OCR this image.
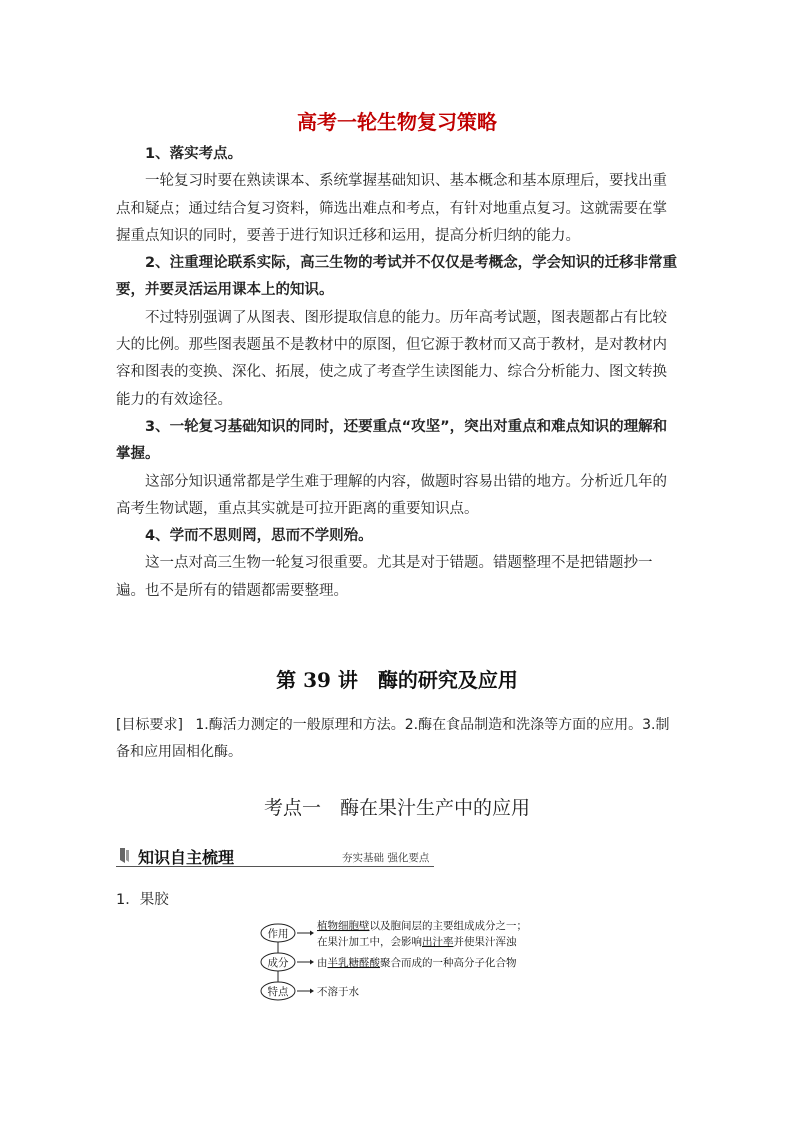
高考一轮生物复习策略

1、落实考点。

一轮复习时要在熟读课本、系统掌握基础知识、基本概念和基本原理后，要找出重点和疑点；通过结合复习资料，筛选出难点和考点，有针对地重点复习。这就需要在掌握重点知识的同时，要善于进行知识迁移和运用，提高分析归纳的能力。

2、注重理论联系实际，高三生物的考试并不仅仅是考概念，学会知识的迁移非常重要，并要灵活运用课本上的知识。

不过特别强调了从图表、图形提取信息的能力。历年高考试题，图表题都占有比较大的比例。那些图表题虽不是教材中的原图，但它源于教材而又高于教材，是对教材内容和图表的变换、深化、拓展，使之成了考查学生读图能力、综合分析能力、图文转换能力的有效途径。

3、一轮复习基础知识的同时，还要重点“攻坚”，突出对重点和难点知识的理解和掌握。

这部分知识通常都是学生难于理解的内容，做题时容易出错的地方。分析近几年的高考生物试题，重点其实就是可拉开距离的重要知识点。

4、学而不思则罔，思而不学则殆。

这一点对高三生物一轮复习很重要。尤其是对于错题。错题整理不是把错题抄一遍。也不是所有的错题都需要整理。

第 39 讲　酶的研究及应用
[目标要求] 1.酶活力测定的一般原理和方法。2.酶在食品制造和洗涤等方面的应用。3.制备和应用固相化酶。
考点一　酶在果汁生产中的应用
知识自主梳理	夯实基础 强化要点
1．果胶
作用
成分
特点
植物细胞壁以及胞间层的主要组成成分之一；
在果汁加工中，会影响出汁率并使果汁浑浊
由半乳糖醛酸聚合而成的一种高分子化合物
不溶于水
